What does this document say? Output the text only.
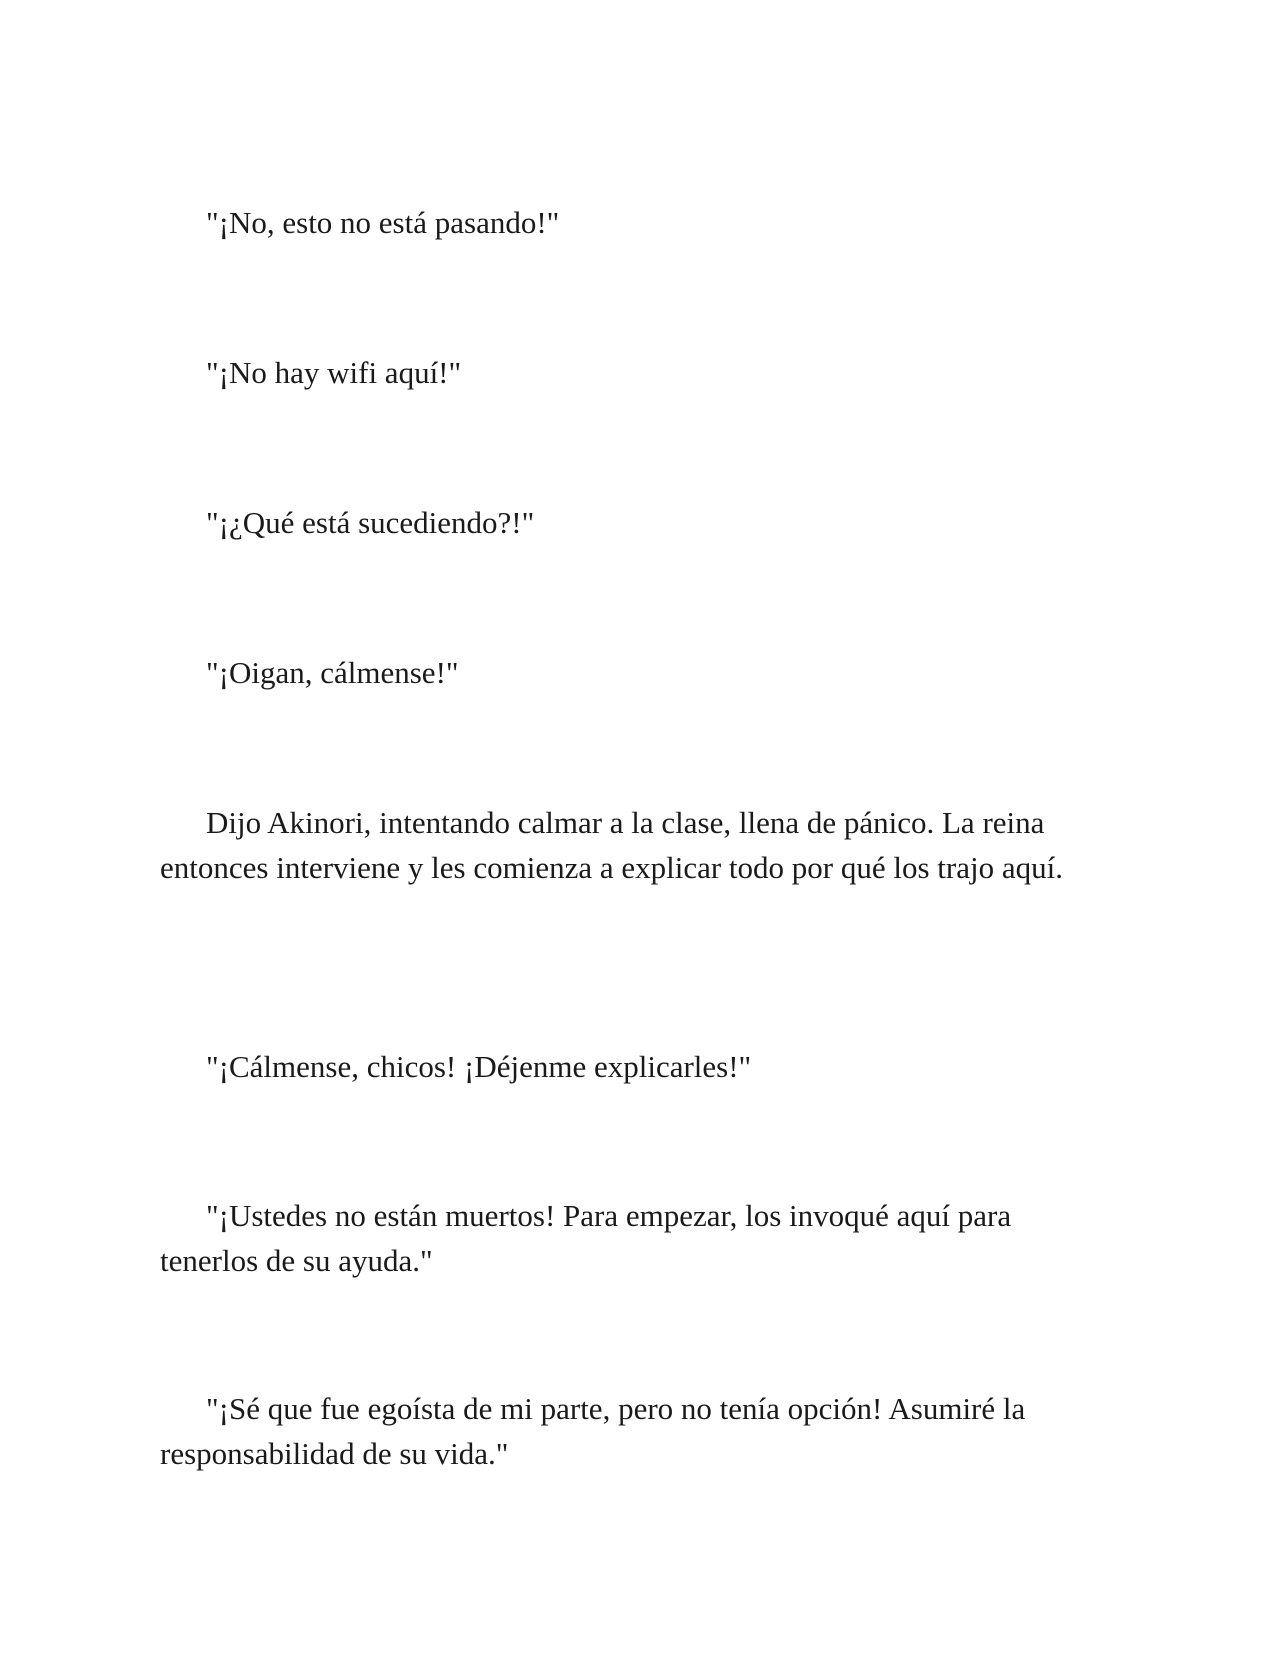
"¡No, esto no está pasando!"

"¡No hay wifi aquí!"

"¡¿Qué está sucediendo?!"

"¡Oigan, cálmense!"

Dijo Akinori, intentando calmar a la clase, llena de pánico. La reina entonces interviene y les comienza a explicar todo por qué los trajo aquí.

"¡Cálmense, chicos! ¡Déjenme explicarles!"

"¡Ustedes no están muertos! Para empezar, los invoqué aquí para tenerlos de su ayuda."

"¡Sé que fue egoísta de mi parte, pero no tenía opción! Asumiré la responsabilidad de su vida."
